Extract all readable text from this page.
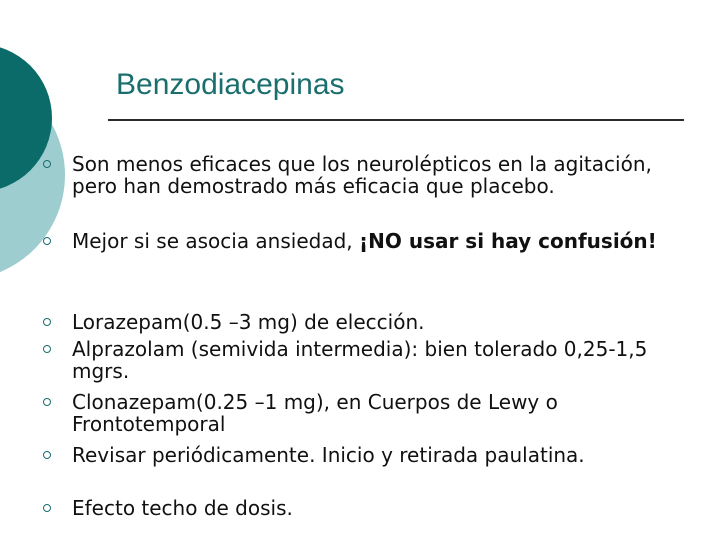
Benzodiacepinas
Son menos eficaces que los neurolépticos en la agitación, pero han demostrado más eficacia que placebo.
Mejor si se asocia ansiedad, ¡NO usar si hay confusión!
Lorazepam(0.5 –3 mg) de elección.
Alprazolam (semivida intermedia): bien tolerado 0,25-1,5 mgrs.
Clonazepam(0.25 –1 mg), en Cuerpos de Lewy o Frontotemporal
Revisar periódicamente. Inicio y retirada paulatina.
Efecto techo de dosis.
